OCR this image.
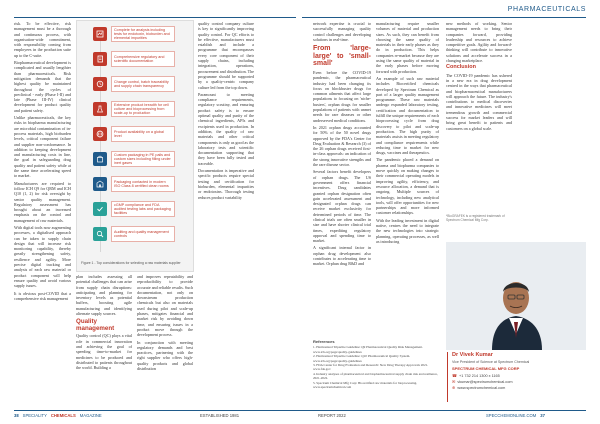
PHARMACEUTICALS

risk. To be effective, risk management must be a thorough and continuous process, with organisation-wide commitment, with responsibility coming from employees in the production suite up to the C-suite.

Biopharmaceutical development is complicated and usually lengthier than pharmaceuticals. Risk mitigation demands that the highest quality be maintained throughout the cycles of preclinical - early (Phase I-II) and late (Phase III-IV) clinical development for product quality and patient safety.

Unlike pharmaceuticals, the key risks in biopharma manufacturing are microbial contamination of in-process materials, high bioburden levels, critical component failure and supplier non-conformance. In addition to keeping development and manufacturing costs in line, the goal in safeguarding drug quality and patient safety while at the same time accelerating speed to market.

Manufacturers are required to follow ICH Q9 for QRM and ICH Q10 (1, 2) for risk oversight by senior quality management. Regulatory assessment has brought about an increased emphasis on the control and management of raw materials.

With digital tools now augmenting processes, a digitalised approach can be taken to supply chain design that will increase risk monitoring capability, thereby greatly strengthening safety, resilience and agility. More precise digital tracking and analysis of each raw material or product component will help ensure quality and avoid various supply issues.

It is obvious post-COVID that a comprehensive risk management

Complete for analysis including tests for endotoxin, bioburden and elemental impurities
Comprehensive regulatory and scientific documentation
Change control, batch traceability and supply chain transparency
Extensive product breadth for cell culture and bioprocessing from scale-up to production
Product availability on a global level
Custom packaging in PE pails and custom sizes including filling under inert gases
Packaging contacted in modern ISO Class 8 certified clean rooms
cGMP compliance and FDA audited testing labs and packaging facilities
Auditing and quality management controls
Figure 1 - Top considerations for selecting a raw materials supplier

plan includes assessing all potential challenges that can arise from supply chain disruptions: anticipating and planning for inventory levels as potential buffers, boosting agile manufacturing and identifying alternate supply sources.

Quality management

Quality control (QC) plays a vital role in commercial innovation and achieving the goal of speeding time-to-market for medicines to be produced and distributed to patients throughout the world. Building a

and improves repeatability and reproducibility to provide accurate and reliable results. Such documentation, not only on downstream production chemicals but also on materials used during pilot and scale-up phases, mitigates financial and market risk by avoiding down time, and ensuring issues in a product move through the development process.

In conjunction with meeting regulatory demands and best practices, partnering with the right supplier who offers high-quality products and global distribution

quality control company culture is key to significantly improving quality control. For QC efforts to be effective, manufacturers must establish and include a programme that encompasses every core component of their supply chains, including integration, operations, procurement and distribution. The programme should be supported by a quality-centric company culture led from the top down.

Paramount to meeting compliance requirements, regulatory scrutiny, and ensuring product safety is to ensure optimal quality and purity of the chemical ingredients, APIs and excipients used in production. In addition, the quality of raw materials and other critical components is only as good as the laboratory tests and scientific documentation supporting that they have been fully tested and traceable.

Documentation is imperative and specific products require special testing and certification for bioburden, elemental impurities or endotoxins. Thorough testing reduces product variability

network expertise is crucial to successfully managing quality control challenges and developing solutions in real-time.

From 'large-large' to 'small-small'

Even before the COVID-19 pandemic, the pharmaceutical industry had been changing its focus on blockbuster drugs for common ailments that affect large populations to focusing on 'niche-busters', orphan drugs for smaller populations of patients with unmet needs for rare diseases or other underserved medical conditions.

In 2021 orphan drugs accounted for 50% of the 50 novel drugs approved by the FDA's Center for Drug Evaluation & Research (3) of the 26 orphan drugs received first-in-class approvals: an indication of the strong innovative strengths and the rare disease sector.

Several factors benefit developers of orphan drugs. The US government offers financial incentives. Drug candidates granted orphan designation often gain accelerated assessment and designated orphan drugs can receive market exclusivity for determined periods of time. The clinical trials are often smaller in size and have shorter clinical trial times, expediting regulatory approval and spending time to market.

A significant internal factor in orphan drug development also contributes to accelerating time to market. Orphan drug R&D and

manufacturing require smaller volumes of material and production sizes. As such, they can benefit from choosing the same quality of materials in their early phases as they do in production. This helps companies re-market because they are using the same quality of material in the early phases before moving forward with production.

An example of such raw material includes Biocertified chemicals developed by Spectrum Chemical as part of a larger quality management programme. These raw materials undergo expanded laboratory testing, certification and documentation to fulfill the unique requirements of each bioprocessing cycle from drug discovery to pilot and scale-up production. The high purity of materials assists in meeting regulatory and compliance requirements while reducing time to market for new drugs, vaccines and therapeutics.

The pandemic placed a demand on pharma and biopharma companies to move quickly on making changes to their commercial operating models in improving agility, efficiency, and resource allocation, a demand that is ongoing. Multiple sources of technology, including new analytical tools, will offer opportunities for new partnerships and more informed customer relationships.

With the leading investment in digital native, centres the need to integrate the new technologies into strategic planning, operating processes, as well as introducing

new methods of working. Senior management needs to bring their companies forward, providing leadership and resources to achieve competitive goals. Agility and forward-thinking will contribute to innovative solutions and accelerate success in a changing marketplace.

Conclusion

The COVID-19 pandemic has ushered in a new era in drug development centred in the ways that pharmaceutical and biopharmaceutical manufacturers will approach the future. The industry's contributions to medical discoveries and innovative medicines will meet tremendous growth and commercial success for market leaders and will bring great benefit to patients and customers on a global scale.

*BioGRAFEK is a registered trademark of Spectrum Chemical Mfg Corp.
References
1. Harmonized Tripartite Guideline: Q9 Pharmaceutical Quality Risk Management. www.ich.org/page/quality-guidelines
2. Harmonized Tripartite Guideline: Q10 Pharmaceutical Quality System. www.ich.org/page/quality-guidelines
3. FDA Center for Drug Evaluation and Research: New Drug Therapy Approvals 2021. www.fda.gov
4. Industry analyses of pharmaceutical and biopharmaceutical supply chain risk and resilience, 2021-2022.
5. Spectrum Chemical Mfg Corp: Biocertified raw materials for bioprocessing. www.spectrumchemical.com
Dr Vivek Kumar
Vice President of Science at Spectrum Chemical
SPECTRUM CHEMICAL MFG CORP
☎ +1 732 214 1300 x 1165
✉ vkumar@spectrumchemical.com
⊕ www.spectrumchemical.com
38 SPECIALITY CHEMICALS MAGAZINE	ESTABLISHED 1981	REPORT 2022	SPECCHEMONLINE.COM 37
